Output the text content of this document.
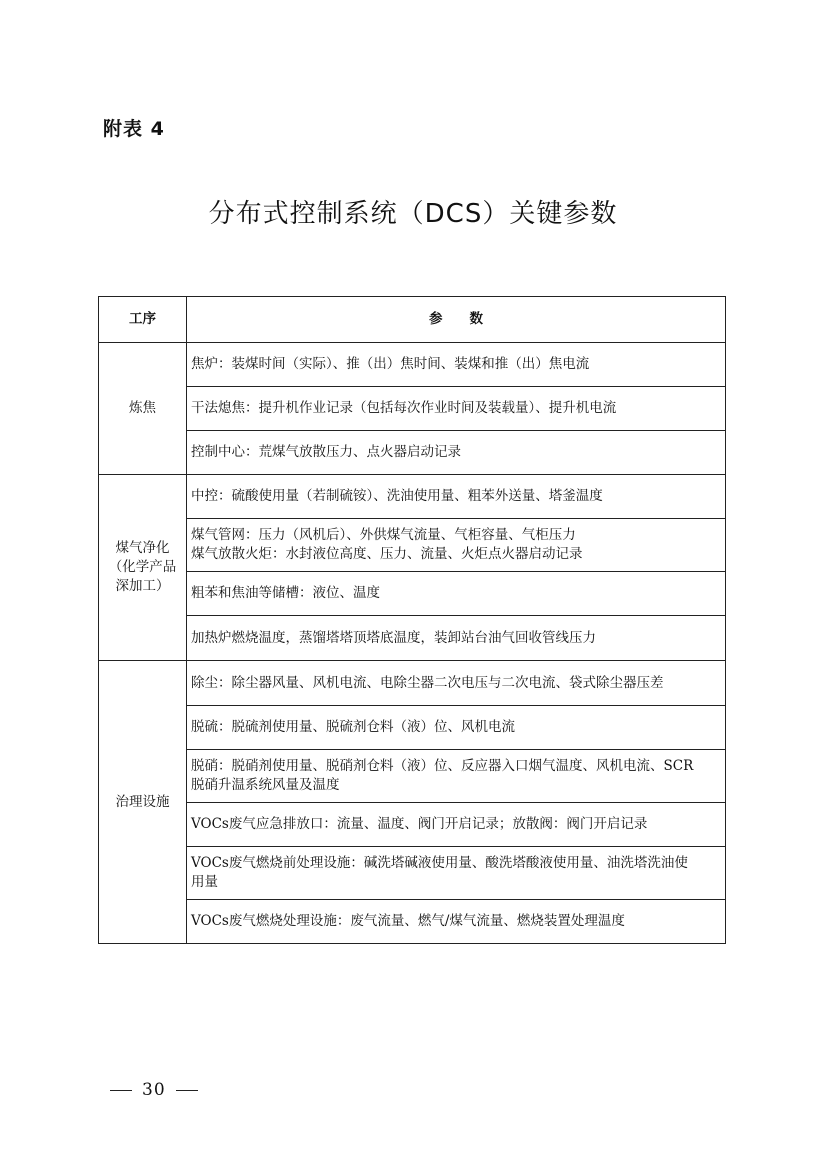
附表 4
分布式控制系统（DCS）关键参数
工序	参　　数
炼焦	焦炉：装煤时间（实际）、推（出）焦时间、装煤和推（出）焦电流

	干法熄焦：提升机作业记录（包括每次作业时间及装载量）、提升机电流

	控制中心：荒煤气放散压力、点火器启动记录

煤气净化
（化学产品
深加工）	中控：硫酸使用量（若制硫铵）、洗油使用量、粗苯外送量、塔釜温度

	煤气管网：压力（风机后）、外供煤气流量、气柜容量、气柜压力
煤气放散火炬：水封液位高度、压力、流量、火炬点火器启动记录

	粗苯和焦油等储槽：液位、温度

	加热炉燃烧温度，蒸馏塔塔顶塔底温度，装卸站台油气回收管线压力

治理设施	除尘：除尘器风量、风机电流、电除尘器二次电压与二次电流、袋式除尘器压差

	脱硫：脱硫剂使用量、脱硫剂仓料（液）位、风机电流

	脱硝：脱硝剂使用量、脱硝剂仓料（液）位、反应器入口烟气温度、风机电流、SCR
脱硝升温系统风量及温度

	VOCs废气应急排放口：流量、温度、阀门开启记录；放散阀：阀门开启记录

	VOCs废气燃烧前处理设施：碱洗塔碱液使用量、酸洗塔酸液使用量、油洗塔洗油使
用量

	VOCs废气燃烧处理设施：废气流量、燃气/煤气流量、燃烧装置处理温度
30
